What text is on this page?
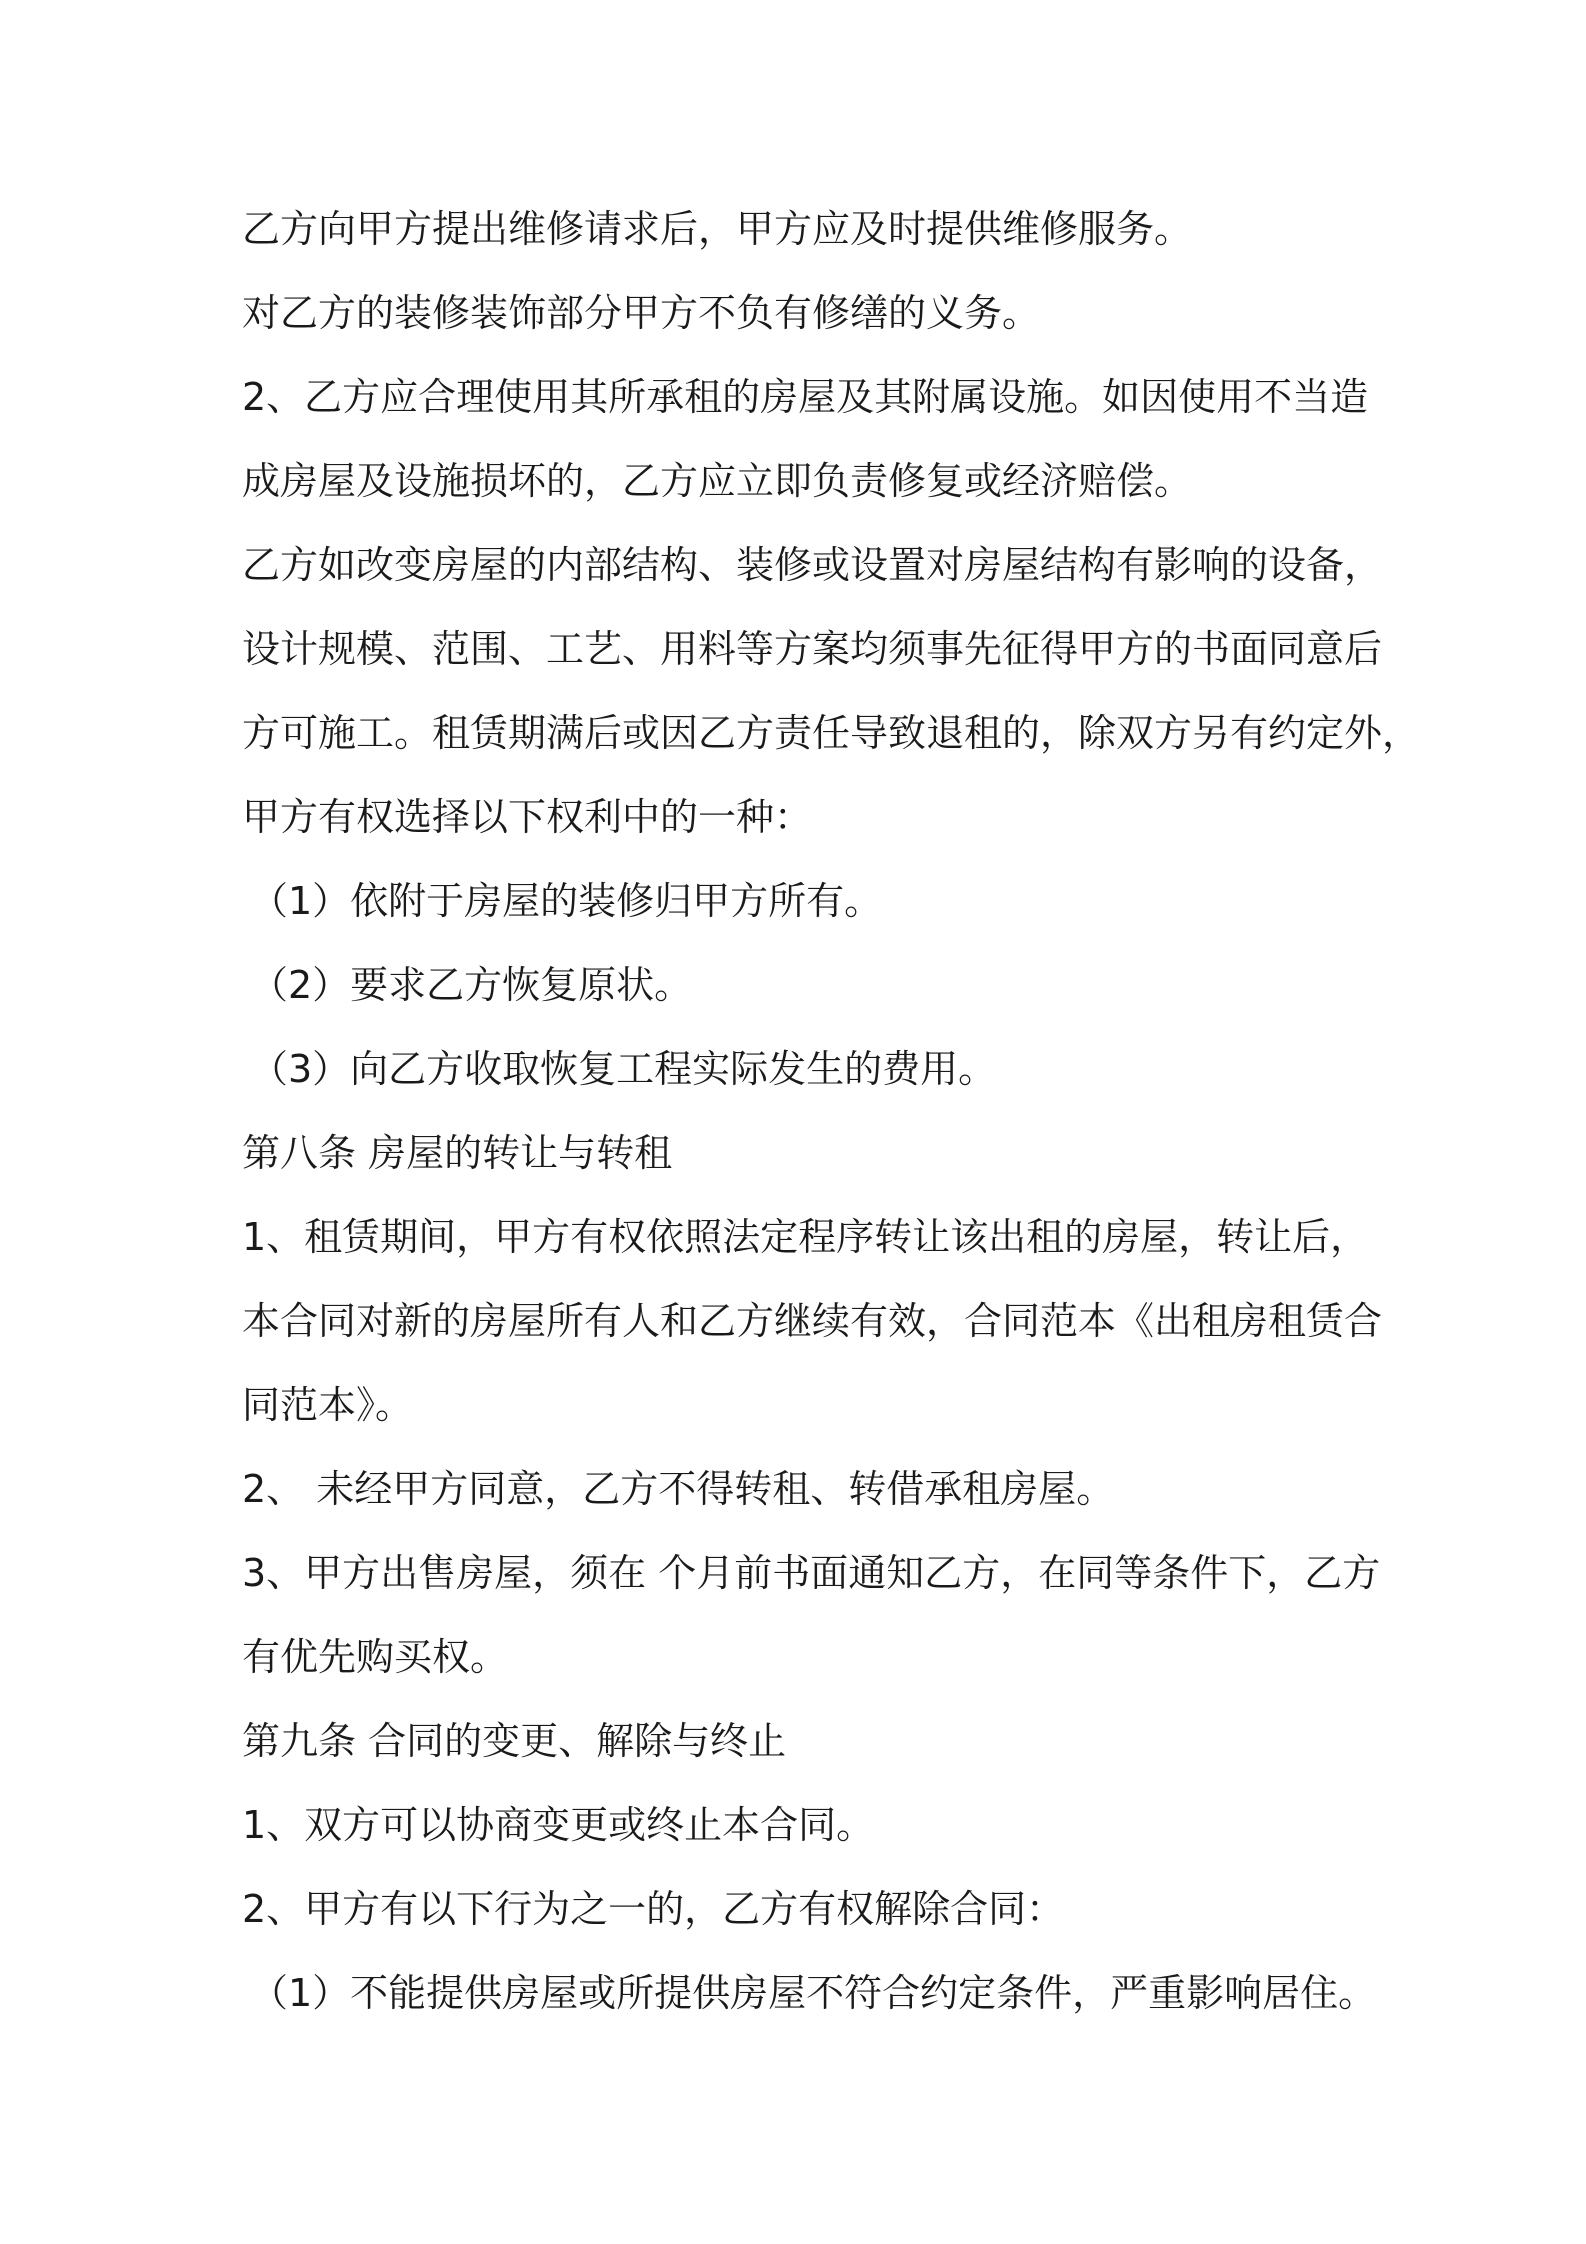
乙方向甲方提出维修请求后，甲方应及时提供维修服务。

对乙方的装修装饰部分甲方不负有修缮的义务。

2、乙方应合理使用其所承租的房屋及其附属设施。如因使用不当造

成房屋及设施损坏的，乙方应立即负责修复或经济赔偿。

乙方如改变房屋的内部结构、装修或设置对房屋结构有影响的设备，

设计规模、范围、工艺、用料等方案均须事先征得甲方的书面同意后

方可施工。租赁期满后或因乙方责任导致退租的，除双方另有约定外，

甲方有权选择以下权利中的一种：

（1）依附于房屋的装修归甲方所有。

（2）要求乙方恢复原状。

（3）向乙方收取恢复工程实际发生的费用。

第八条 房屋的转让与转租

1、租赁期间，甲方有权依照法定程序转让该出租的房屋，转让后，

本合同对新的房屋所有人和乙方继续有效，合同范本《出租房租赁合

同范本》。

2、 未经甲方同意，乙方不得转租、转借承租房屋。

3、甲方出售房屋，须在 个月前书面通知乙方，在同等条件下，乙方

有优先购买权。

第九条 合同的变更、解除与终止

1、双方可以协商变更或终止本合同。

2、甲方有以下行为之一的，乙方有权解除合同：

（1）不能提供房屋或所提供房屋不符合约定条件，严重影响居住。
